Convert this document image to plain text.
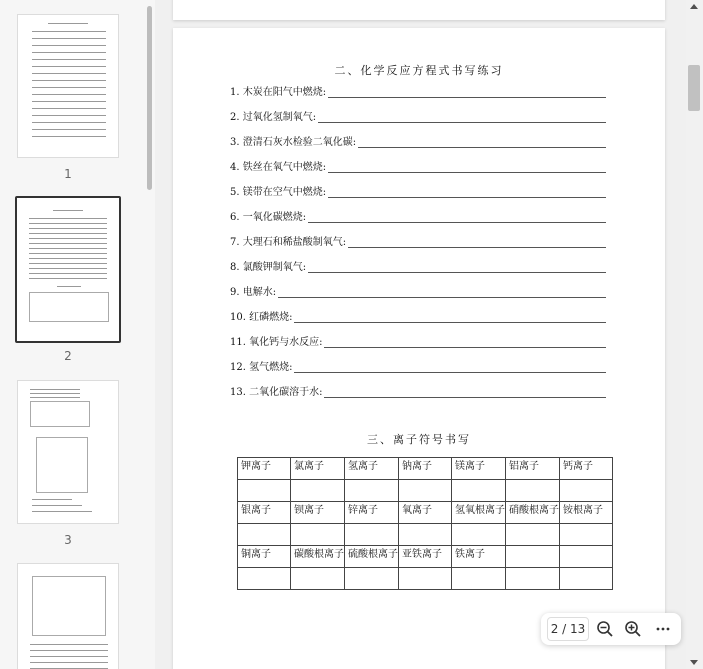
1
2
3
二、化学反应方程式书写练习
1. 木炭在阳气中燃烧:
2. 过氧化氢制氧气:
3. 澄清石灰水检验二氧化碳:
4. 铁丝在氧气中燃烧:
5. 镁带在空气中燃烧:
6. 一氧化碳燃烧:
7. 大理石和稀盐酸制氧气:
8. 氯酸钾制氧气:
9. 电解水:
10. 红磷燃烧:
11. 氧化钙与水反应:
12. 氢气燃烧:
13. 二氧化碳溶于水:
三、离子符号书写
钾离子	氯离子	氢离子	钠离子	镁离子	铝离子	钙离子

银离子	钡离子	锌离子	氧离子	氢氧根离子	硝酸根离子	铵根离子

铜离子	碳酸根离子	硫酸根离子	亚铁离子	铁离子		

2 / 13
